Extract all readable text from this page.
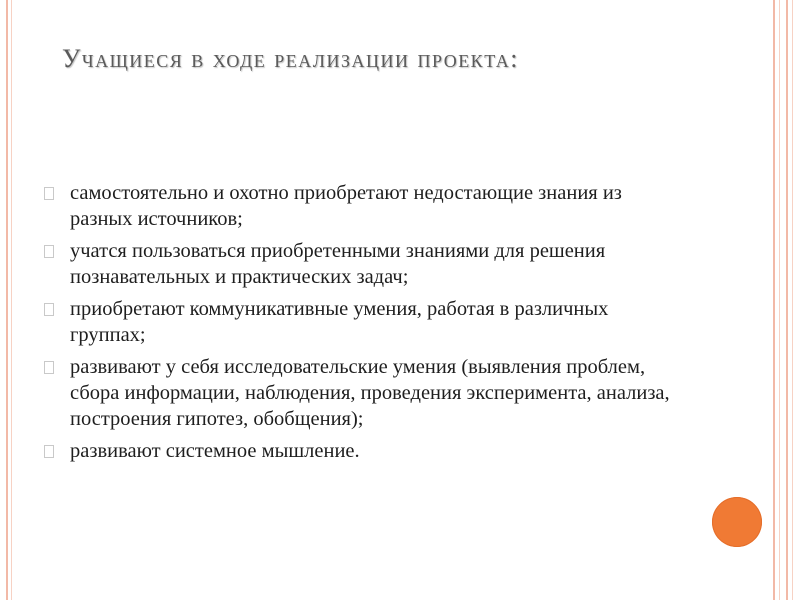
Учащиеся в ходе реализации проекта:
самостоятельно и охотно приобретают недостающие знания из разных источников;
учатся пользоваться приобретенными знаниями для решения познавательных и практических задач;
приобретают коммуникативные умения, работая в различных группах;
развивают у себя исследовательские умения (выявления проблем, сбора информации, наблюдения, проведения эксперимента, анализа, построения гипотез, обобщения);
развивают системное мышление.
